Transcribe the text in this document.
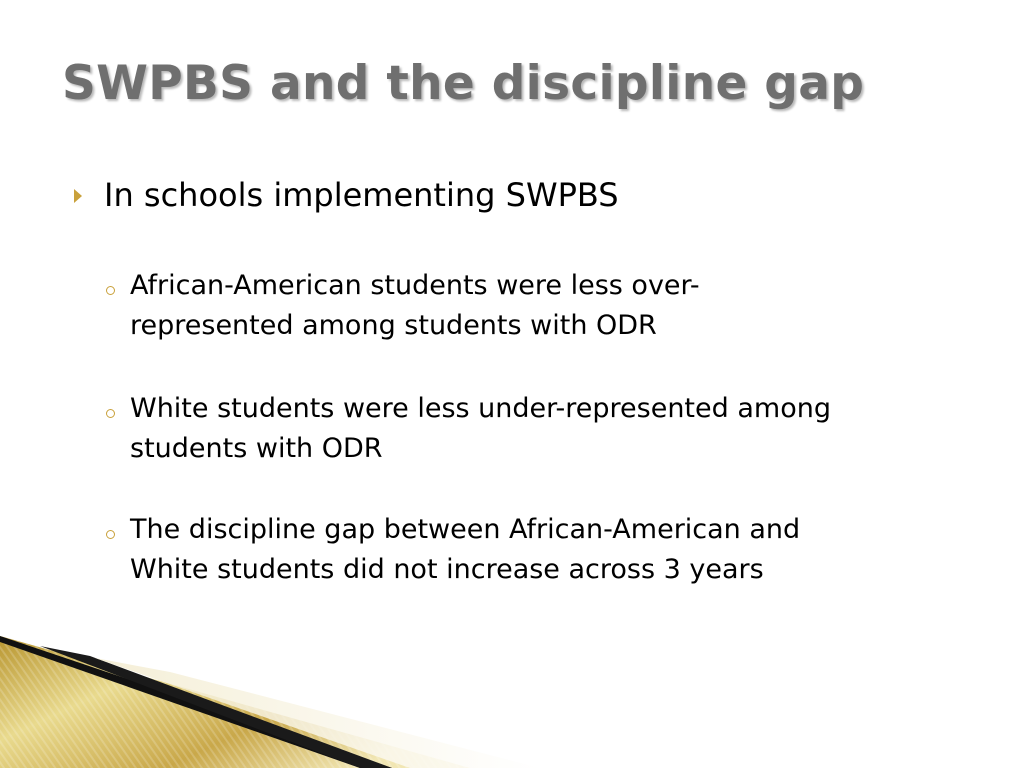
SWPBS and the discipline gap
In schools implementing SWPBS
African-American students were less over-
represented among students with ODR
White students were less under-represented among
students with ODR
The discipline gap between African-American and
White students did not increase across 3 years
